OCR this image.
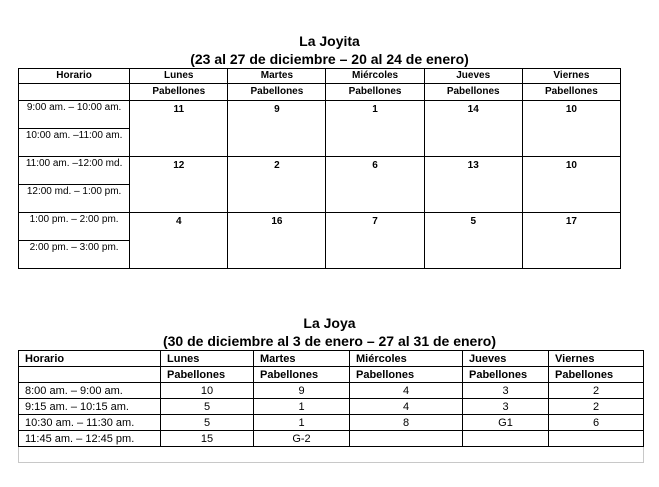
La Joyita
(23 al 27 de diciembre – 20 al 24 de enero)
Horario	Lunes	Martes	Miércoles	Jueves	Viernes
	Pabellones	Pabellones	Pabellones	Pabellones	Pabellones
9:00 am. – 10:00 am.	11	9	1	14	10
10:00 am. –11:00 am.					
11:00 am. –12:00 md.	12	2	6	13	10
12:00 md. – 1:00 pm.					
1:00 pm. – 2:00 pm.	4	16	7	5	17
2:00 pm. – 3:00 pm.					
La Joya
(30 de diciembre al 3 de enero – 27 al 31 de enero)
Horario	Lunes	Martes	Miércoles	Jueves	Viernes
	Pabellones	Pabellones	Pabellones	Pabellones	Pabellones
8:00 am. – 9:00 am.	10	9	4	3	2
9:15 am. – 10:15 am.	5	1	4	3	2
10:30 am. – 11:30 am.	5	1	8	G1	6
11:45 am. – 12:45 pm.	15	G-2			
